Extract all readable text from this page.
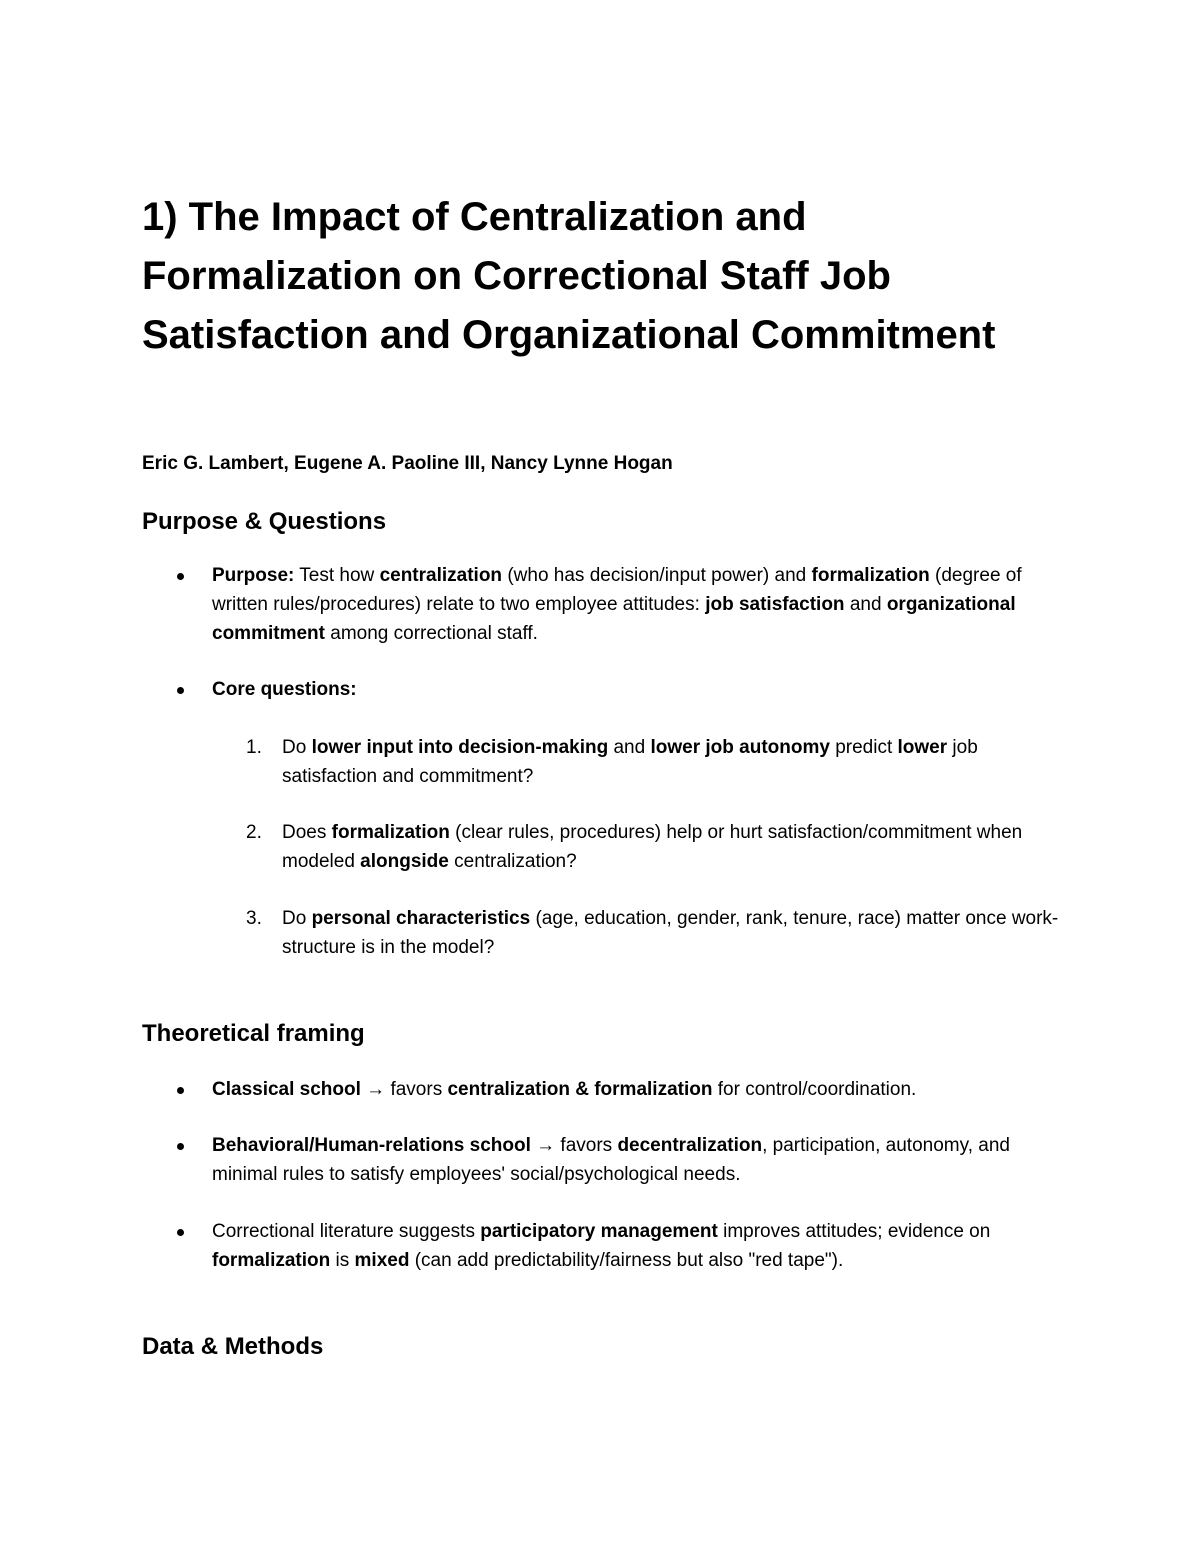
1) The Impact of Centralization and Formalization on Correctional Staff Job Satisfaction and Organizational Commitment

Eric G. Lambert, Eugene A. Paoline III, Nancy Lynne Hogan

Purpose & Questions
Purpose: Test how centralization (who has decision/input power) and formalization (degree of written rules/procedures) relate to two employee attitudes: job satisfaction and organizational commitment among correctional staff.
Core questions:
1. Do lower input into decision-making and lower job autonomy predict lower job satisfaction and commitment?
2. Does formalization (clear rules, procedures) help or hurt satisfaction/commitment when modeled alongside centralization?
3. Do personal characteristics (age, education, gender, rank, tenure, race) matter once work-structure is in the model?
Theoretical framing
Classical school → favors centralization & formalization for control/coordination.
Behavioral/Human-relations school → favors decentralization, participation, autonomy, and minimal rules to satisfy employees' social/psychological needs.
Correctional literature suggests participatory management improves attitudes; evidence on formalization is mixed (can add predictability/fairness but also "red tape").
Data & Methods
